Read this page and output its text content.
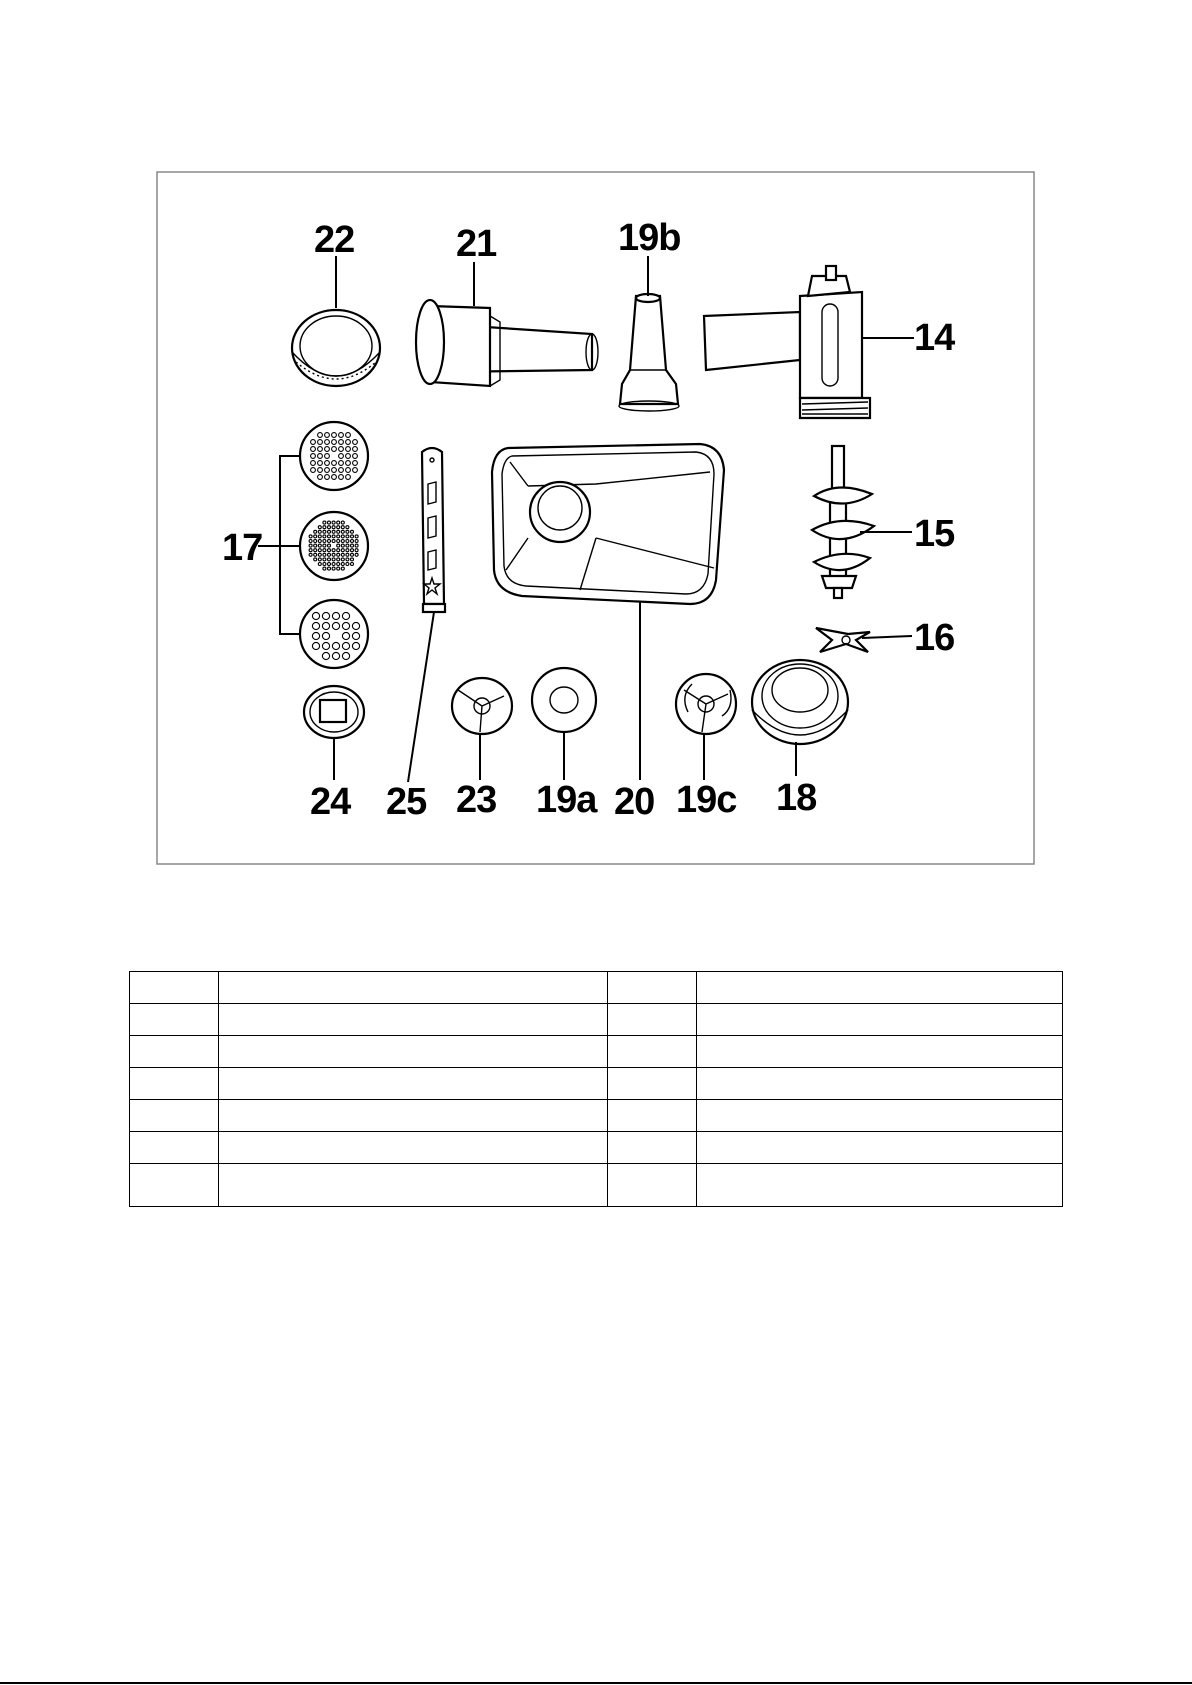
22	21	19b
14
17	15
16
24 25 23 19a 20 19c 18
